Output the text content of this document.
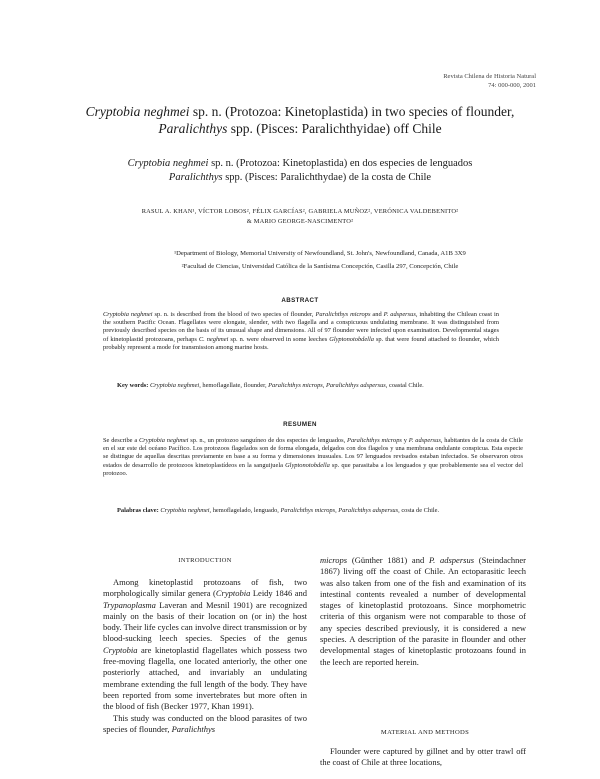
Revista Chilena de Historia Natural
74: 000-000, 2001
Cryptobia neghmei sp. n. (Protozoa: Kinetoplastida) in two species of flounder, Paralichthys spp. (Pisces: Paralichthyidae) off Chile
Cryptobia neghmei sp. n. (Protozoa: Kinetoplastida) en dos especies de lenguados Paralichthys spp. (Pisces: Paralichthydae) de la costa de Chile
RASUL A. KHAN¹, VÍCTOR LOBOS², FÉLIX GARCÍAS², GABRIELA MUÑOZ², VERÓNICA VALDEBENITO²
& MARIO GEORGE-NASCIMENTO²

¹Department of Biology, Memorial University of Newfoundland, St. John's, Newfoundland, Canada, A1B 3X9

²Facultad de Ciencias, Universidad Católica de la Santísima Concepción, Casilla 297, Concepción, Chile

ABSTRACT
Cryptobia neghmei sp. n. is described from the blood of two species of flounder, Paralichthys microps and P. adspersus, inhabiting the Chilean coast in the southern Pacific Ocean. Flagellates were elongate, slender, with two flagella and a conspicuous undulating membrane. It was distinguished from previously described species on the basis of its unusual shape and dimensions. All of 97 flounder were infected upon examination. Developmental stages of kinetoplastid protozoans, perhaps C. neghmei sp. n. were observed in some leeches Glyptonotobdella sp. that were found attached to flounder, which probably represent a mode for transmission among marine hosts.
Key words: Cryptobia neghmei, hemoflagellate, flounder, Paralichthys microps, Paralichthys adspersus, coastal Chile.
RESUMEN
Se describe a Cryptobia neghmei sp. n., un protozoo sanguíneo de dos especies de lenguados, Paralichthys microps y P. adspersus, habitantes de la costa de Chile en el sur este del océano Pacífico. Los protozoos flagelados son de forma elongada, delgados con dos flagelos y una membrana ondulante conspicua. Esta especie se distingue de aquellas descritas previamente en base a su forma y dimensiones inusuales. Los 97 lenguados revisados estaban infectados. Se observaron otros estados de desarrollo de protozoos kinetoplastídeos en la sanguijuela Glyptonotobdella sp. que parasitaba a los lenguados y que probablemente sea el vector del protozoo.
Palabras clave: Cryptobia neghmei, hemoflagelado, lenguado, Paralichthys microps, Paralichthys adspersus, costa de Chile.
INTRODUCTION

Among kinetoplastid protozoans of fish, two morphologically similar genera (Cryptobia Leidy 1846 and Trypanoplasma Laveran and Mesnil 1901) are recognized mainly on the basis of their location on (or in) the host body. Their life cycles can involve direct transmission or by blood-sucking leech species. Species of the genus Cryptobia are kinetoplastid flagellates which possess two free-moving flagella, one located anteriorly, the other one posteriorly attached, and invariably an undulating membrane extending the full length of the body. They have been reported from some invertebrates but more often in the blood of fish (Becker 1977, Khan 1991).

This study was conducted on the blood parasites of two species of flounder, Paralichthys

microps (Günther 1881) and P. adspersus (Steindachner 1867) living off the coast of Chile. An ectoparasitic leech was also taken from one of the fish and examination of its intestinal contents revealed a number of developmental stages of kinetoplastid protozoans. Since morphometric criteria of this organism were not comparable to those of any species described previously, it is considered a new species. A description of the parasite in flounder and other developmental stages of kinetoplastic protozoans found in the leech are reported herein.

MATERIAL AND METHODS

Flounder were captured by gillnet and by otter trawl off the coast of Chile at three locations,
